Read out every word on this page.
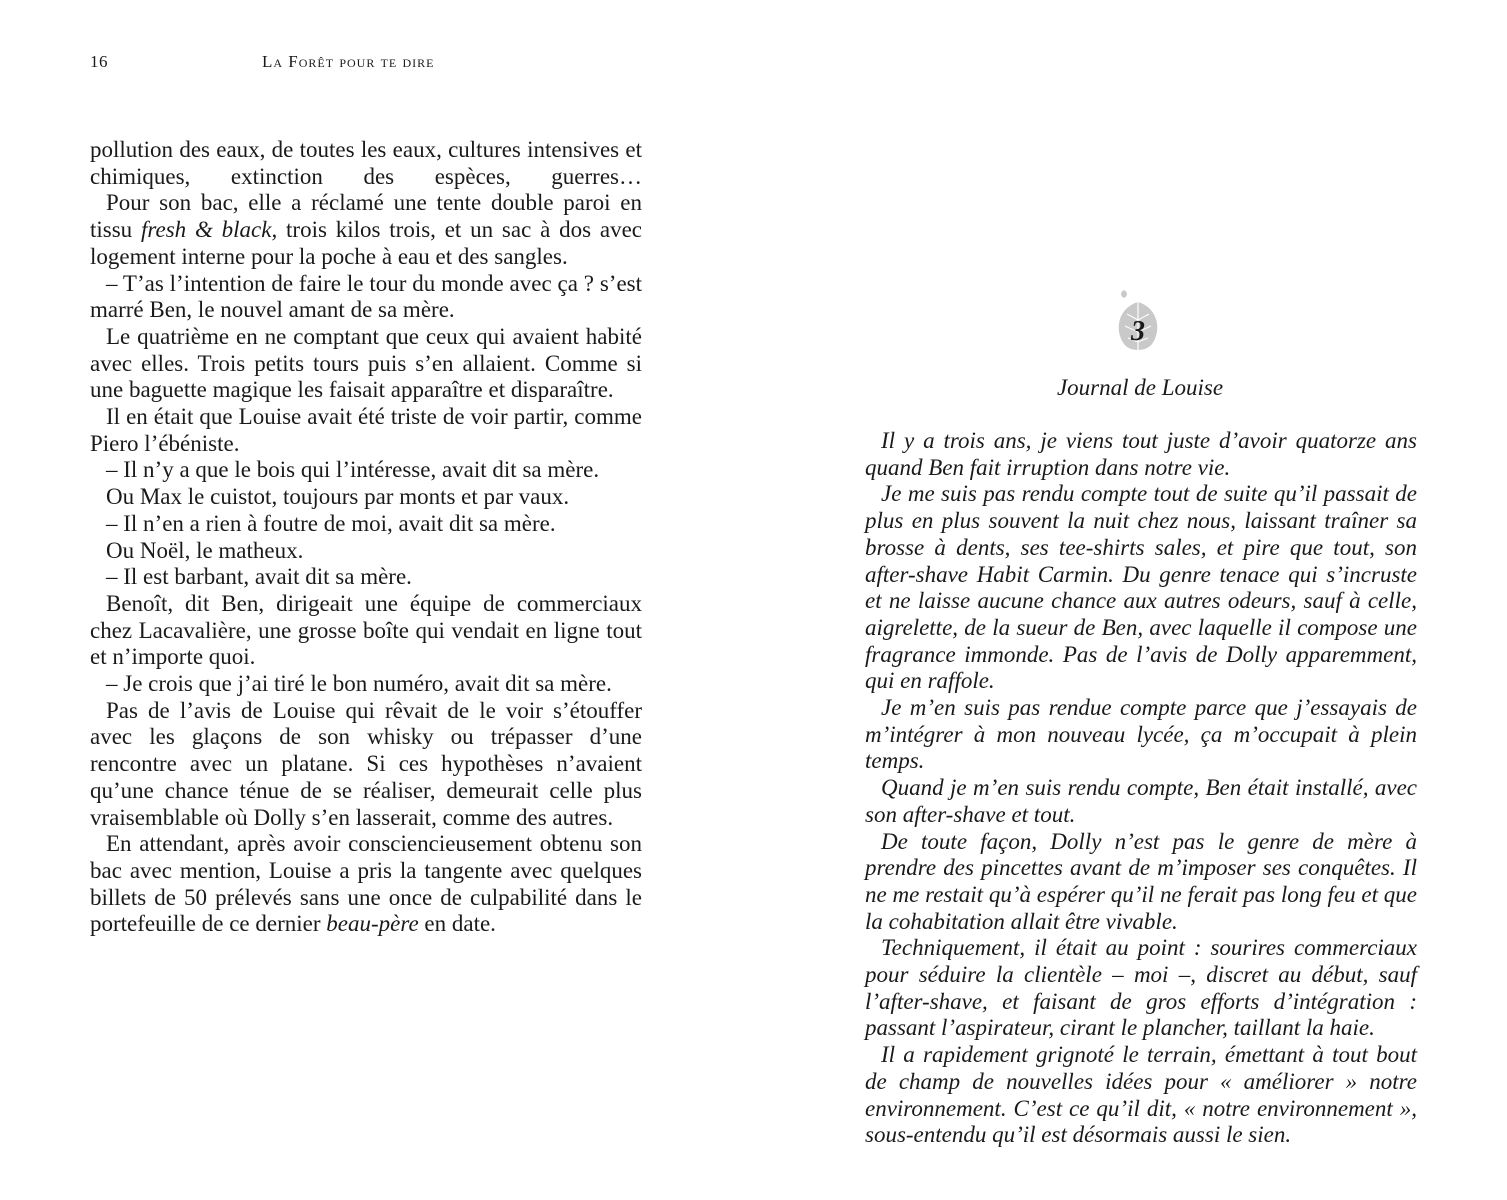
16	La Forêt pour te dire

pollution des eaux, de toutes les eaux, cultures intensives et chimiques, extinction des espèces, guerres…

Pour son bac, elle a réclamé une tente double paroi en tissu fresh & black, trois kilos trois, et un sac à dos avec logement interne pour la poche à eau et des sangles.

– T’as l’intention de faire le tour du monde avec ça ? s’est marré Ben, le nouvel amant de sa mère.

Le quatrième en ne comptant que ceux qui avaient habité avec elles. Trois petits tours puis s’en allaient. Comme si une baguette magique les faisait apparaître et disparaître.

Il en était que Louise avait été triste de voir partir, comme Piero l’ébéniste.

– Il n’y a que le bois qui l’intéresse, avait dit sa mère.

Ou Max le cuistot, toujours par monts et par vaux.

– Il n’en a rien à foutre de moi, avait dit sa mère.

Ou Noël, le matheux.

– Il est barbant, avait dit sa mère.

Benoît, dit Ben, dirigeait une équipe de commerciaux chez Lacavalière, une grosse boîte qui vendait en ligne tout et n’importe quoi.

– Je crois que j’ai tiré le bon numéro, avait dit sa mère.

Pas de l’avis de Louise qui rêvait de le voir s’étouffer avec les glaçons de son whisky ou trépasser d’une rencontre avec un platane. Si ces hypothèses n’avaient qu’une chance ténue de se réaliser, demeurait celle plus vraisemblable où Dolly s’en lasserait, comme des autres.

En attendant, après avoir consciencieusement obtenu son bac avec mention, Louise a pris la tangente avec quelques billets de 50 prélevés sans une once de culpabilité dans le portefeuille de ce dernier beau-père en date.

3
Journal de Louise

Il y a trois ans, je viens tout juste d’avoir quatorze ans quand Ben fait irruption dans notre vie.

Je me suis pas rendu compte tout de suite qu’il passait de plus en plus souvent la nuit chez nous, laissant traîner sa brosse à dents, ses tee-shirts sales, et pire que tout, son after-shave Habit Carmin. Du genre tenace qui s’incruste et ne laisse aucune chance aux autres odeurs, sauf à celle, aigrelette, de la sueur de Ben, avec laquelle il compose une fragrance immonde. Pas de l’avis de Dolly apparemment, qui en raffole.

Je m’en suis pas rendue compte parce que j’essayais de m’intégrer à mon nouveau lycée, ça m’occupait à plein temps.

Quand je m’en suis rendu compte, Ben était installé, avec son after-shave et tout.

De toute façon, Dolly n’est pas le genre de mère à prendre des pincettes avant de m’imposer ses conquêtes. Il ne me restait qu’à espérer qu’il ne ferait pas long feu et que la cohabitation allait être vivable.

Techniquement, il était au point : sourires commerciaux pour séduire la clientèle – moi –, discret au début, sauf l’after-shave, et faisant de gros efforts d’intégration : passant l’aspirateur, cirant le plancher, taillant la haie.

Il a rapidement grignoté le terrain, émettant à tout bout de champ de nouvelles idées pour « améliorer » notre environnement. C’est ce qu’il dit, « notre environnement », sous-entendu qu’il est désormais aussi le sien.
